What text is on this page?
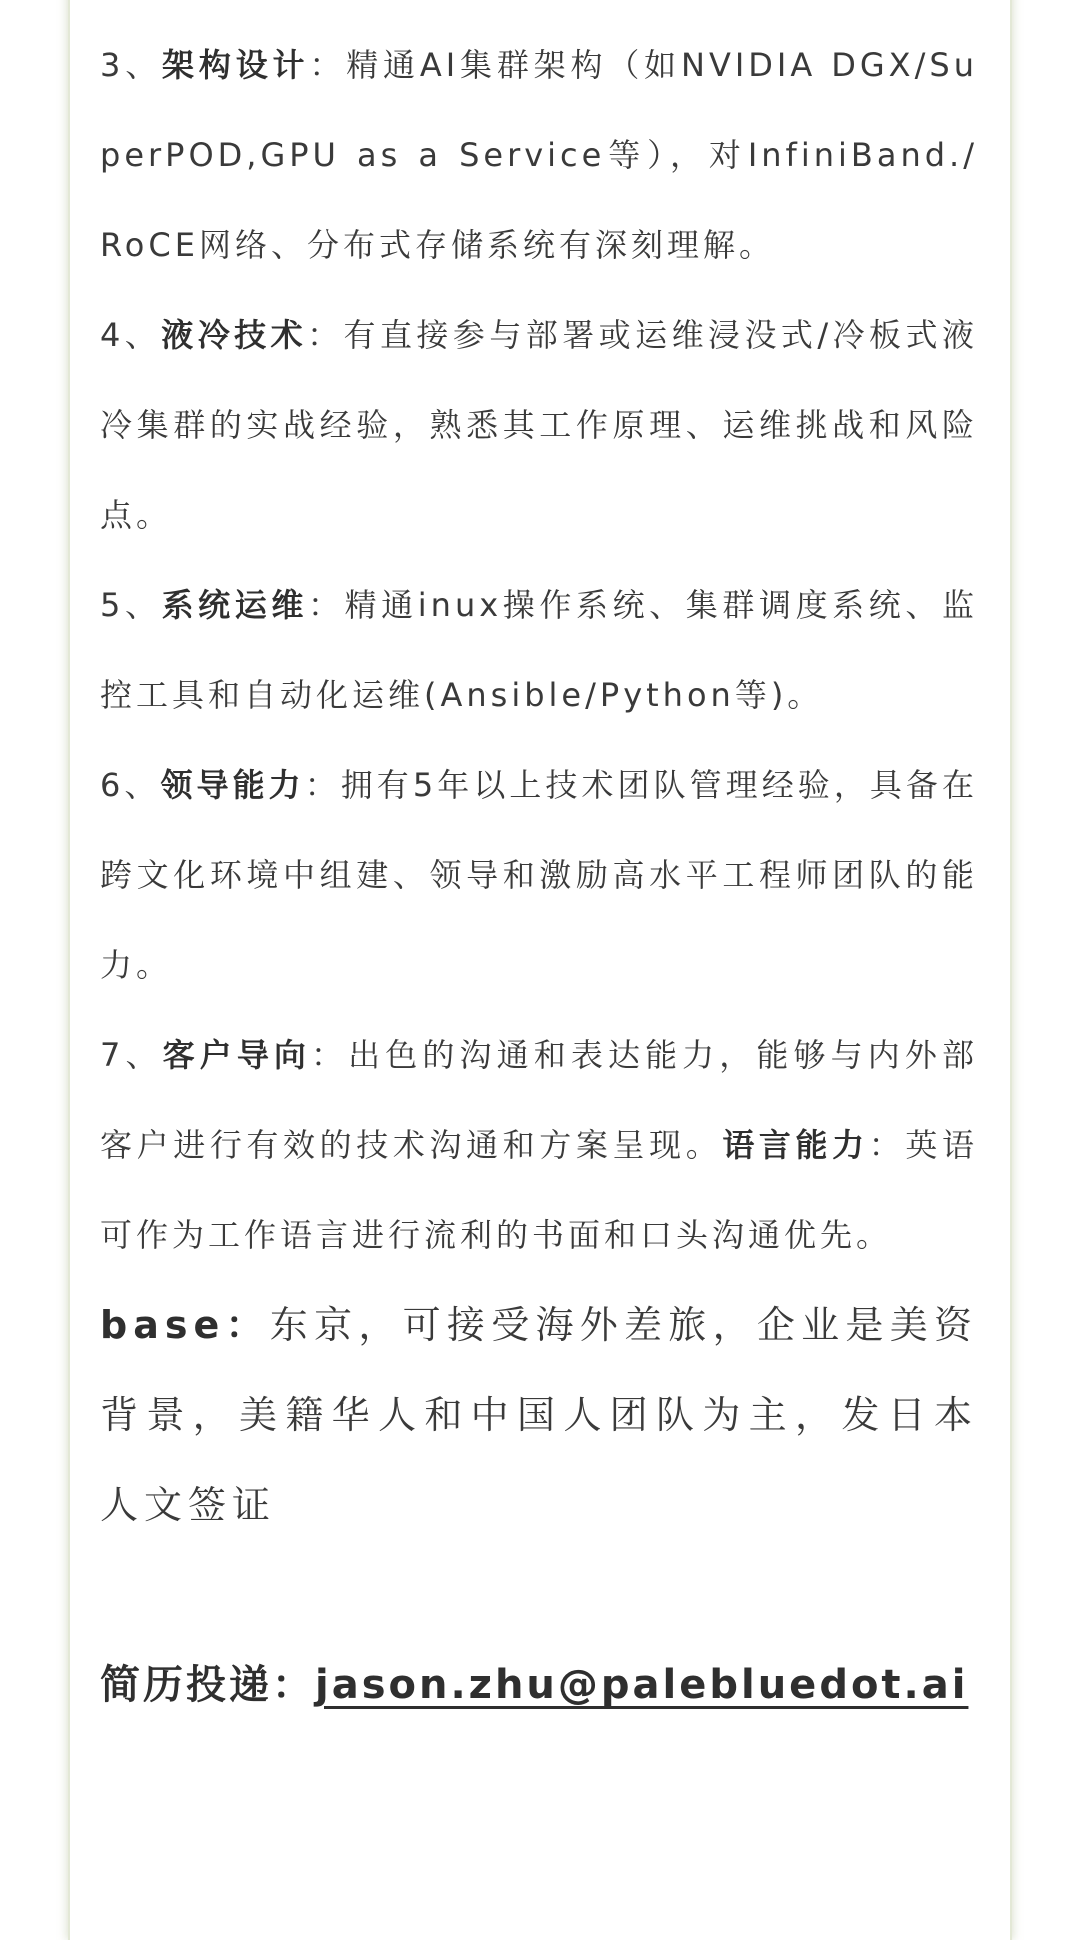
3、架构设计：精通AI集群架构（如NVIDIA DGX/SuperPOD,GPU as a Service等），对InfiniBand./RoCE网络、分布式存储系统有深刻理解。

4、液冷技术：有直接参与部署或运维浸没式/冷板式液冷集群的实战经验，熟悉其工作原理、运维挑战和风险点。

5、系统运维：精通inux操作系统、集群调度系统、监控工具和自动化运维(Ansible/Python等)。

6、领导能力：拥有5年以上技术团队管理经验，具备在跨文化环境中组建、领导和激励高水平工程师团队的能力。

7、客户导向：出色的沟通和表达能力，能够与内外部客户进行有效的技术沟通和方案呈现。语言能力：英语可作为工作语言进行流利的书面和口头沟通优先。

base：东京，可接受海外差旅，企业是美资背景，美籍华人和中国人团队为主，发日本人文签证

简历投递：jason.zhu@palebluedot.ai
